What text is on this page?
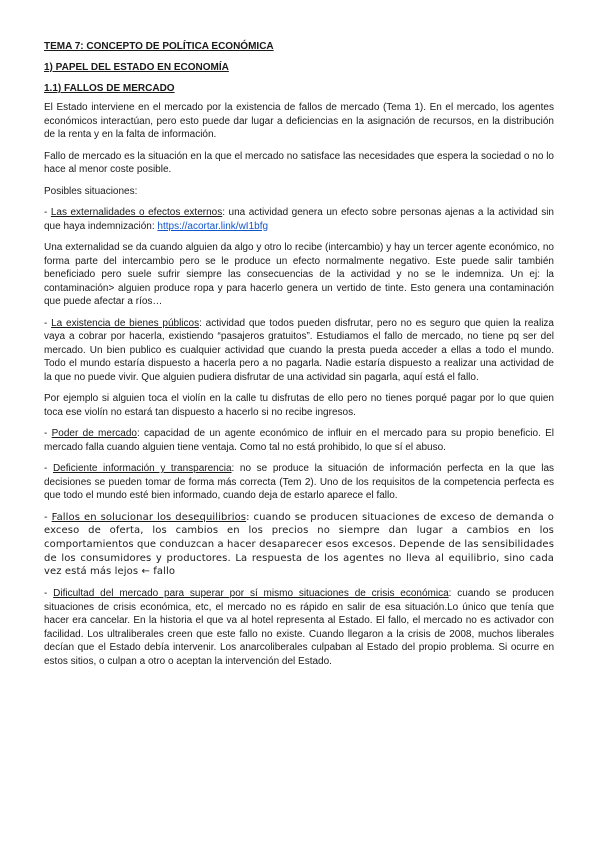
TEMA 7: CONCEPTO DE POLÍTICA ECONÓMICA
1) PAPEL DEL ESTADO EN ECONOMÍA
1.1) FALLOS DE MERCADO

El Estado interviene en el mercado por la existencia de fallos de mercado (Tema 1). En el mercado, los agentes económicos interactúan, pero esto puede dar lugar a deficiencias en la asignación de recursos, en la distribución de la renta y en la falta de información.

Fallo de mercado es la situación en la que el mercado no satisface las necesidades que espera la sociedad o no lo hace al menor coste posible.

Posibles situaciones:

- Las externalidades o efectos externos: una actividad genera un efecto sobre personas ajenas a la actividad sin que haya indemnización: https://acortar.link/wI1bfg

Una externalidad se da cuando alguien da algo y otro lo recibe (intercambio) y hay un tercer agente económico, no forma parte del intercambio pero se le produce un efecto normalmente negativo. Este puede salir también beneficiado pero suele sufrir siempre las consecuencias de la actividad y no se le indemniza. Un ej: la contaminación> alguien produce ropa y para hacerlo genera un vertido de tinte. Esto genera una contaminación que puede afectar a ríos…

- La existencia de bienes públicos: actividad que todos pueden disfrutar, pero no es seguro que quien la realiza vaya a cobrar por hacerla, existiendo “pasajeros gratuitos”. Estudiamos el fallo de mercado, no tiene pq ser del mercado. Un bien publico es cualquier actividad que cuando la presta pueda acceder a ellas a todo el mundo. Todo el mundo estaría dispuesto a hacerla pero a no pagarla. Nadie estaría dispuesto a realizar una actividad de la que no puede vivir. Que alguien pudiera disfrutar de una actividad sin pagarla, aquí está el fallo.

Por ejemplo si alguien toca el violín en la calle tu disfrutas de ello pero no tienes porqué pagar por lo que quien toca ese violín no estará tan dispuesto a hacerlo si no recibe ingresos.

- Poder de mercado: capacidad de un agente económico de influir en el mercado para su propio beneficio. El mercado falla cuando alguien tiene ventaja. Como tal no está prohibido, lo que sí el abuso.

- Deficiente información y transparencia: no se produce la situación de información perfecta en la que las decisiones se pueden tomar de forma más correcta (Tem 2). Uno de los requisitos de la competencia perfecta es que todo el mundo esté bien informado, cuando deja de estarlo aparece el fallo.

- Fallos en solucionar los desequilibrios: cuando se producen situaciones de exceso de demanda o exceso de oferta, los cambios en los precios no siempre dan lugar a cambios en los comportamientos que conduzcan a hacer desaparecer esos excesos. Depende de las sensibilidades de los consumidores y productores. La respuesta de los agentes no lleva al equilibrio, sino cada vez está más lejos ← fallo

- Dificultad del mercado para superar por sí mismo situaciones de crisis económica: cuando se producen situaciones de crisis económica, etc, el mercado no es rápido en salir de esa situación.Lo único que tenía que hacer era cancelar. En la historia el que va al hotel representa al Estado. El fallo, el mercado no es activador con facilidad. Los ultraliberales creen que este fallo no existe. Cuando llegaron a la crisis de 2008, muchos liberales decían que el Estado debía intervenir. Los anarcoliberales culpaban al Estado del propio problema. Si ocurre en estos sitios, o culpan a otro o aceptan la intervención del Estado.
